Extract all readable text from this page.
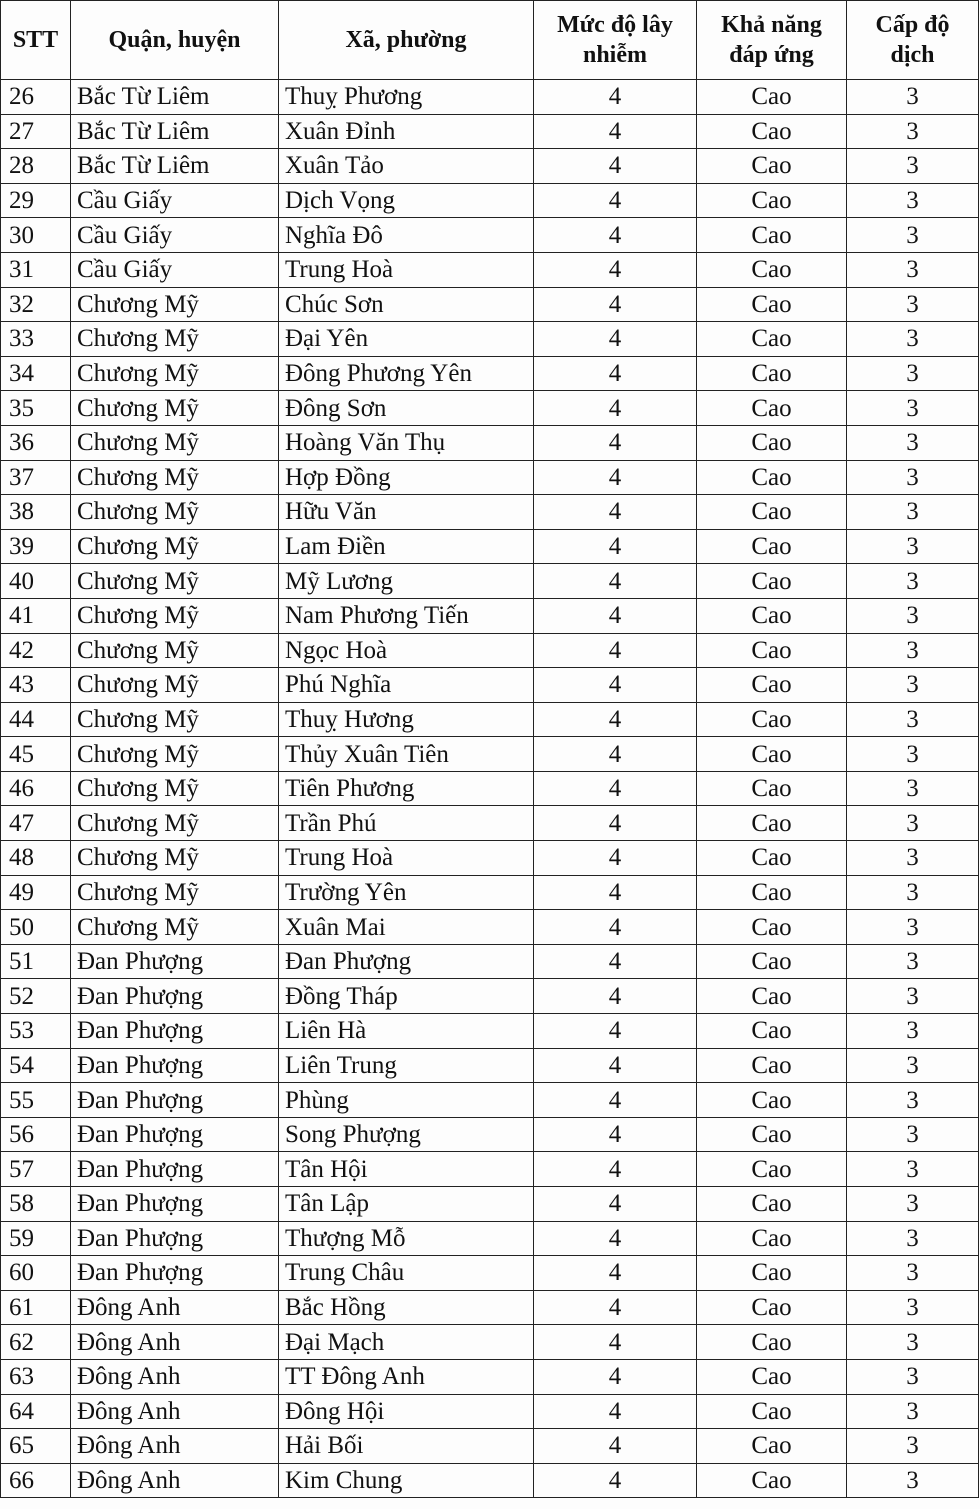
STT	Quận, huyện	Xã, phường	Mức độ lây nhiễm	Khả năng đáp ứng	Cấp độ dịch
26	Bắc Từ Liêm	Thuỵ Phương	4	Cao	3
27	Bắc Từ Liêm	Xuân Đỉnh	4	Cao	3
28	Bắc Từ Liêm	Xuân Tảo	4	Cao	3
29	Cầu Giấy	Dịch Vọng	4	Cao	3
30	Cầu Giấy	Nghĩa Đô	4	Cao	3
31	Cầu Giấy	Trung Hoà	4	Cao	3
32	Chương Mỹ	Chúc Sơn	4	Cao	3
33	Chương Mỹ	Đại Yên	4	Cao	3
34	Chương Mỹ	Đông Phương Yên	4	Cao	3
35	Chương Mỹ	Đông Sơn	4	Cao	3
36	Chương Mỹ	Hoàng Văn Thụ	4	Cao	3
37	Chương Mỹ	Hợp Đồng	4	Cao	3
38	Chương Mỹ	Hữu Văn	4	Cao	3
39	Chương Mỹ	Lam Điền	4	Cao	3
40	Chương Mỹ	Mỹ Lương	4	Cao	3
41	Chương Mỹ	Nam Phương Tiến	4	Cao	3
42	Chương Mỹ	Ngọc Hoà	4	Cao	3
43	Chương Mỹ	Phú Nghĩa	4	Cao	3
44	Chương Mỹ	Thuỵ Hương	4	Cao	3
45	Chương Mỹ	Thủy Xuân Tiên	4	Cao	3
46	Chương Mỹ	Tiên Phương	4	Cao	3
47	Chương Mỹ	Trần Phú	4	Cao	3
48	Chương Mỹ	Trung Hoà	4	Cao	3
49	Chương Mỹ	Trường Yên	4	Cao	3
50	Chương Mỹ	Xuân Mai	4	Cao	3
51	Đan Phượng	Đan Phượng	4	Cao	3
52	Đan Phượng	Đồng Tháp	4	Cao	3
53	Đan Phượng	Liên Hà	4	Cao	3
54	Đan Phượng	Liên Trung	4	Cao	3
55	Đan Phượng	Phùng	4	Cao	3
56	Đan Phượng	Song Phượng	4	Cao	3
57	Đan Phượng	Tân Hội	4	Cao	3
58	Đan Phượng	Tân Lập	4	Cao	3
59	Đan Phượng	Thượng Mỗ	4	Cao	3
60	Đan Phượng	Trung Châu	4	Cao	3
61	Đông Anh	Bắc Hồng	4	Cao	3
62	Đông Anh	Đại Mạch	4	Cao	3
63	Đông Anh	TT Đông Anh	4	Cao	3
64	Đông Anh	Đông Hội	4	Cao	3
65	Đông Anh	Hải Bối	4	Cao	3
66	Đông Anh	Kim Chung	4	Cao	3
